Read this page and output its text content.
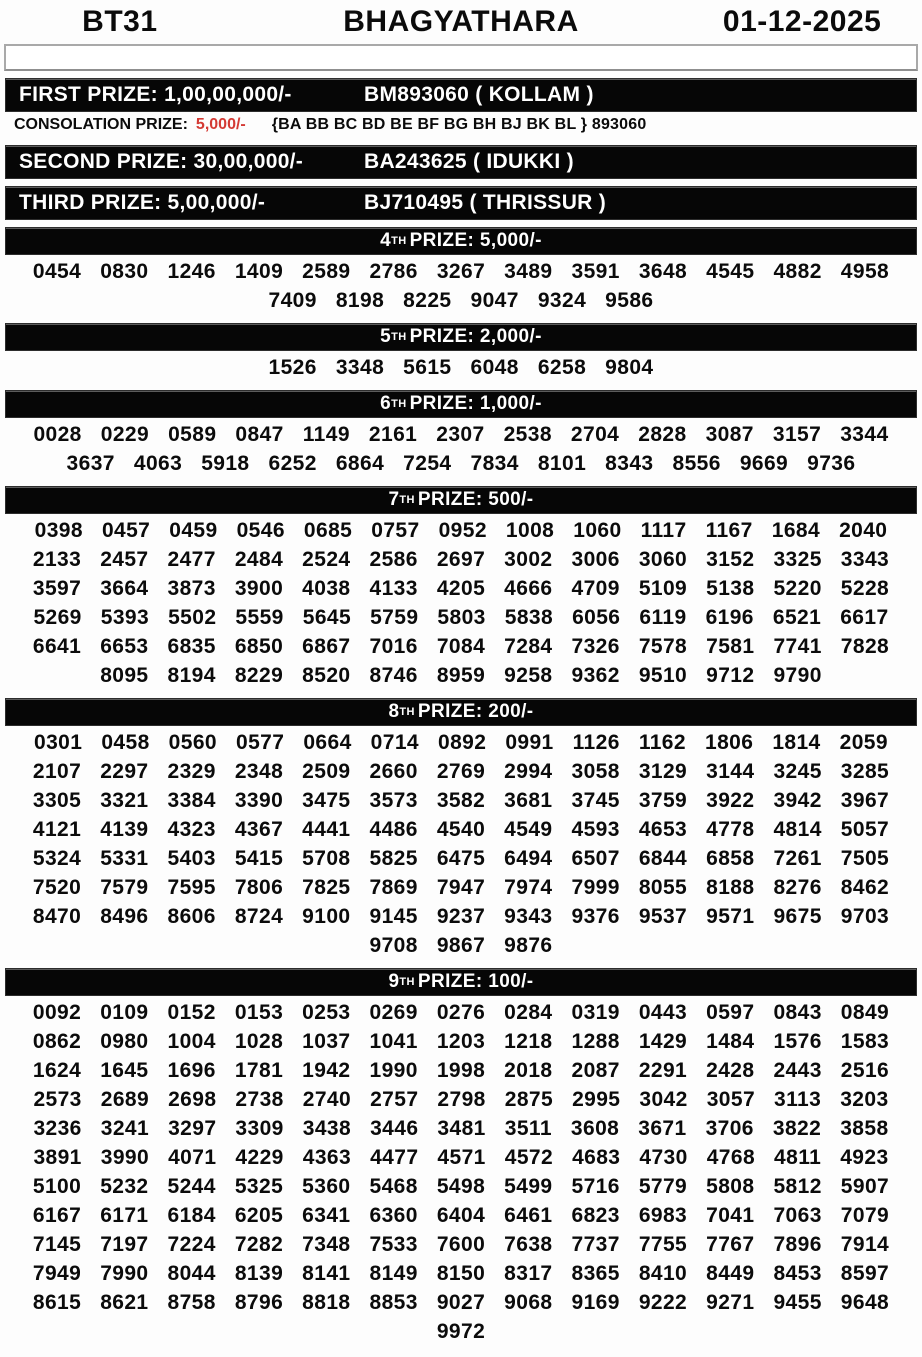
BT31	BHAGYATHARA	01-12-2025
FIRST PRIZE: 1,00,00,000/-	BM893060 ( KOLLAM )
CONSOLATION PRIZE: 5,000/- {BA BB BC BD BE BF BG BH BJ BK BL } 893060
SECOND PRIZE: 30,00,000/-	BA243625 ( IDUKKI )
THIRD PRIZE: 5,00,000/-	BJ710495 ( THRISSUR )
4 TH PRIZE: 5,000/-
0454 0830 1246 1409 2589 2786 3267 3489 3591 3648 4545 4882 4958
7409 8198 8225 9047 9324 9586
5 TH PRIZE: 2,000/-
1526 3348 5615 6048 6258 9804
6 TH PRIZE: 1,000/-
0028 0229 0589 0847 1149 2161 2307 2538 2704 2828 3087 3157 3344
3637 4063 5918 6252 6864 7254 7834 8101 8343 8556 9669 9736
7 TH PRIZE: 500/-
0398 0457 0459 0546 0685 0757 0952 1008 1060 1117 1167 1684 2040
2133 2457 2477 2484 2524 2586 2697 3002 3006 3060 3152 3325 3343
3597 3664 3873 3900 4038 4133 4205 4666 4709 5109 5138 5220 5228
5269 5393 5502 5559 5645 5759 5803 5838 6056 6119 6196 6521 6617
6641 6653 6835 6850 6867 7016 7084 7284 7326 7578 7581 7741 7828
8095 8194 8229 8520 8746 8959 9258 9362 9510 9712 9790
8 TH PRIZE: 200/-
0301 0458 0560 0577 0664 0714 0892 0991 1126 1162 1806 1814 2059
2107 2297 2329 2348 2509 2660 2769 2994 3058 3129 3144 3245 3285
3305 3321 3384 3390 3475 3573 3582 3681 3745 3759 3922 3942 3967
4121 4139 4323 4367 4441 4486 4540 4549 4593 4653 4778 4814 5057
5324 5331 5403 5415 5708 5825 6475 6494 6507 6844 6858 7261 7505
7520 7579 7595 7806 7825 7869 7947 7974 7999 8055 8188 8276 8462
8470 8496 8606 8724 9100 9145 9237 9343 9376 9537 9571 9675 9703
9708 9867 9876
9 TH PRIZE: 100/-
0092 0109 0152 0153 0253 0269 0276 0284 0319 0443 0597 0843 0849
0862 0980 1004 1028 1037 1041 1203 1218 1288 1429 1484 1576 1583
1624 1645 1696 1781 1942 1990 1998 2018 2087 2291 2428 2443 2516
2573 2689 2698 2738 2740 2757 2798 2875 2995 3042 3057 3113 3203
3236 3241 3297 3309 3438 3446 3481 3511 3608 3671 3706 3822 3858
3891 3990 4071 4229 4363 4477 4571 4572 4683 4730 4768 4811 4923
5100 5232 5244 5325 5360 5468 5498 5499 5716 5779 5808 5812 5907
6167 6171 6184 6205 6341 6360 6404 6461 6823 6983 7041 7063 7079
7145 7197 7224 7282 7348 7533 7600 7638 7737 7755 7767 7896 7914
7949 7990 8044 8139 8141 8149 8150 8317 8365 8410 8449 8453 8597
8615 8621 8758 8796 8818 8853 9027 9068 9169 9222 9271 9455 9648
9972
